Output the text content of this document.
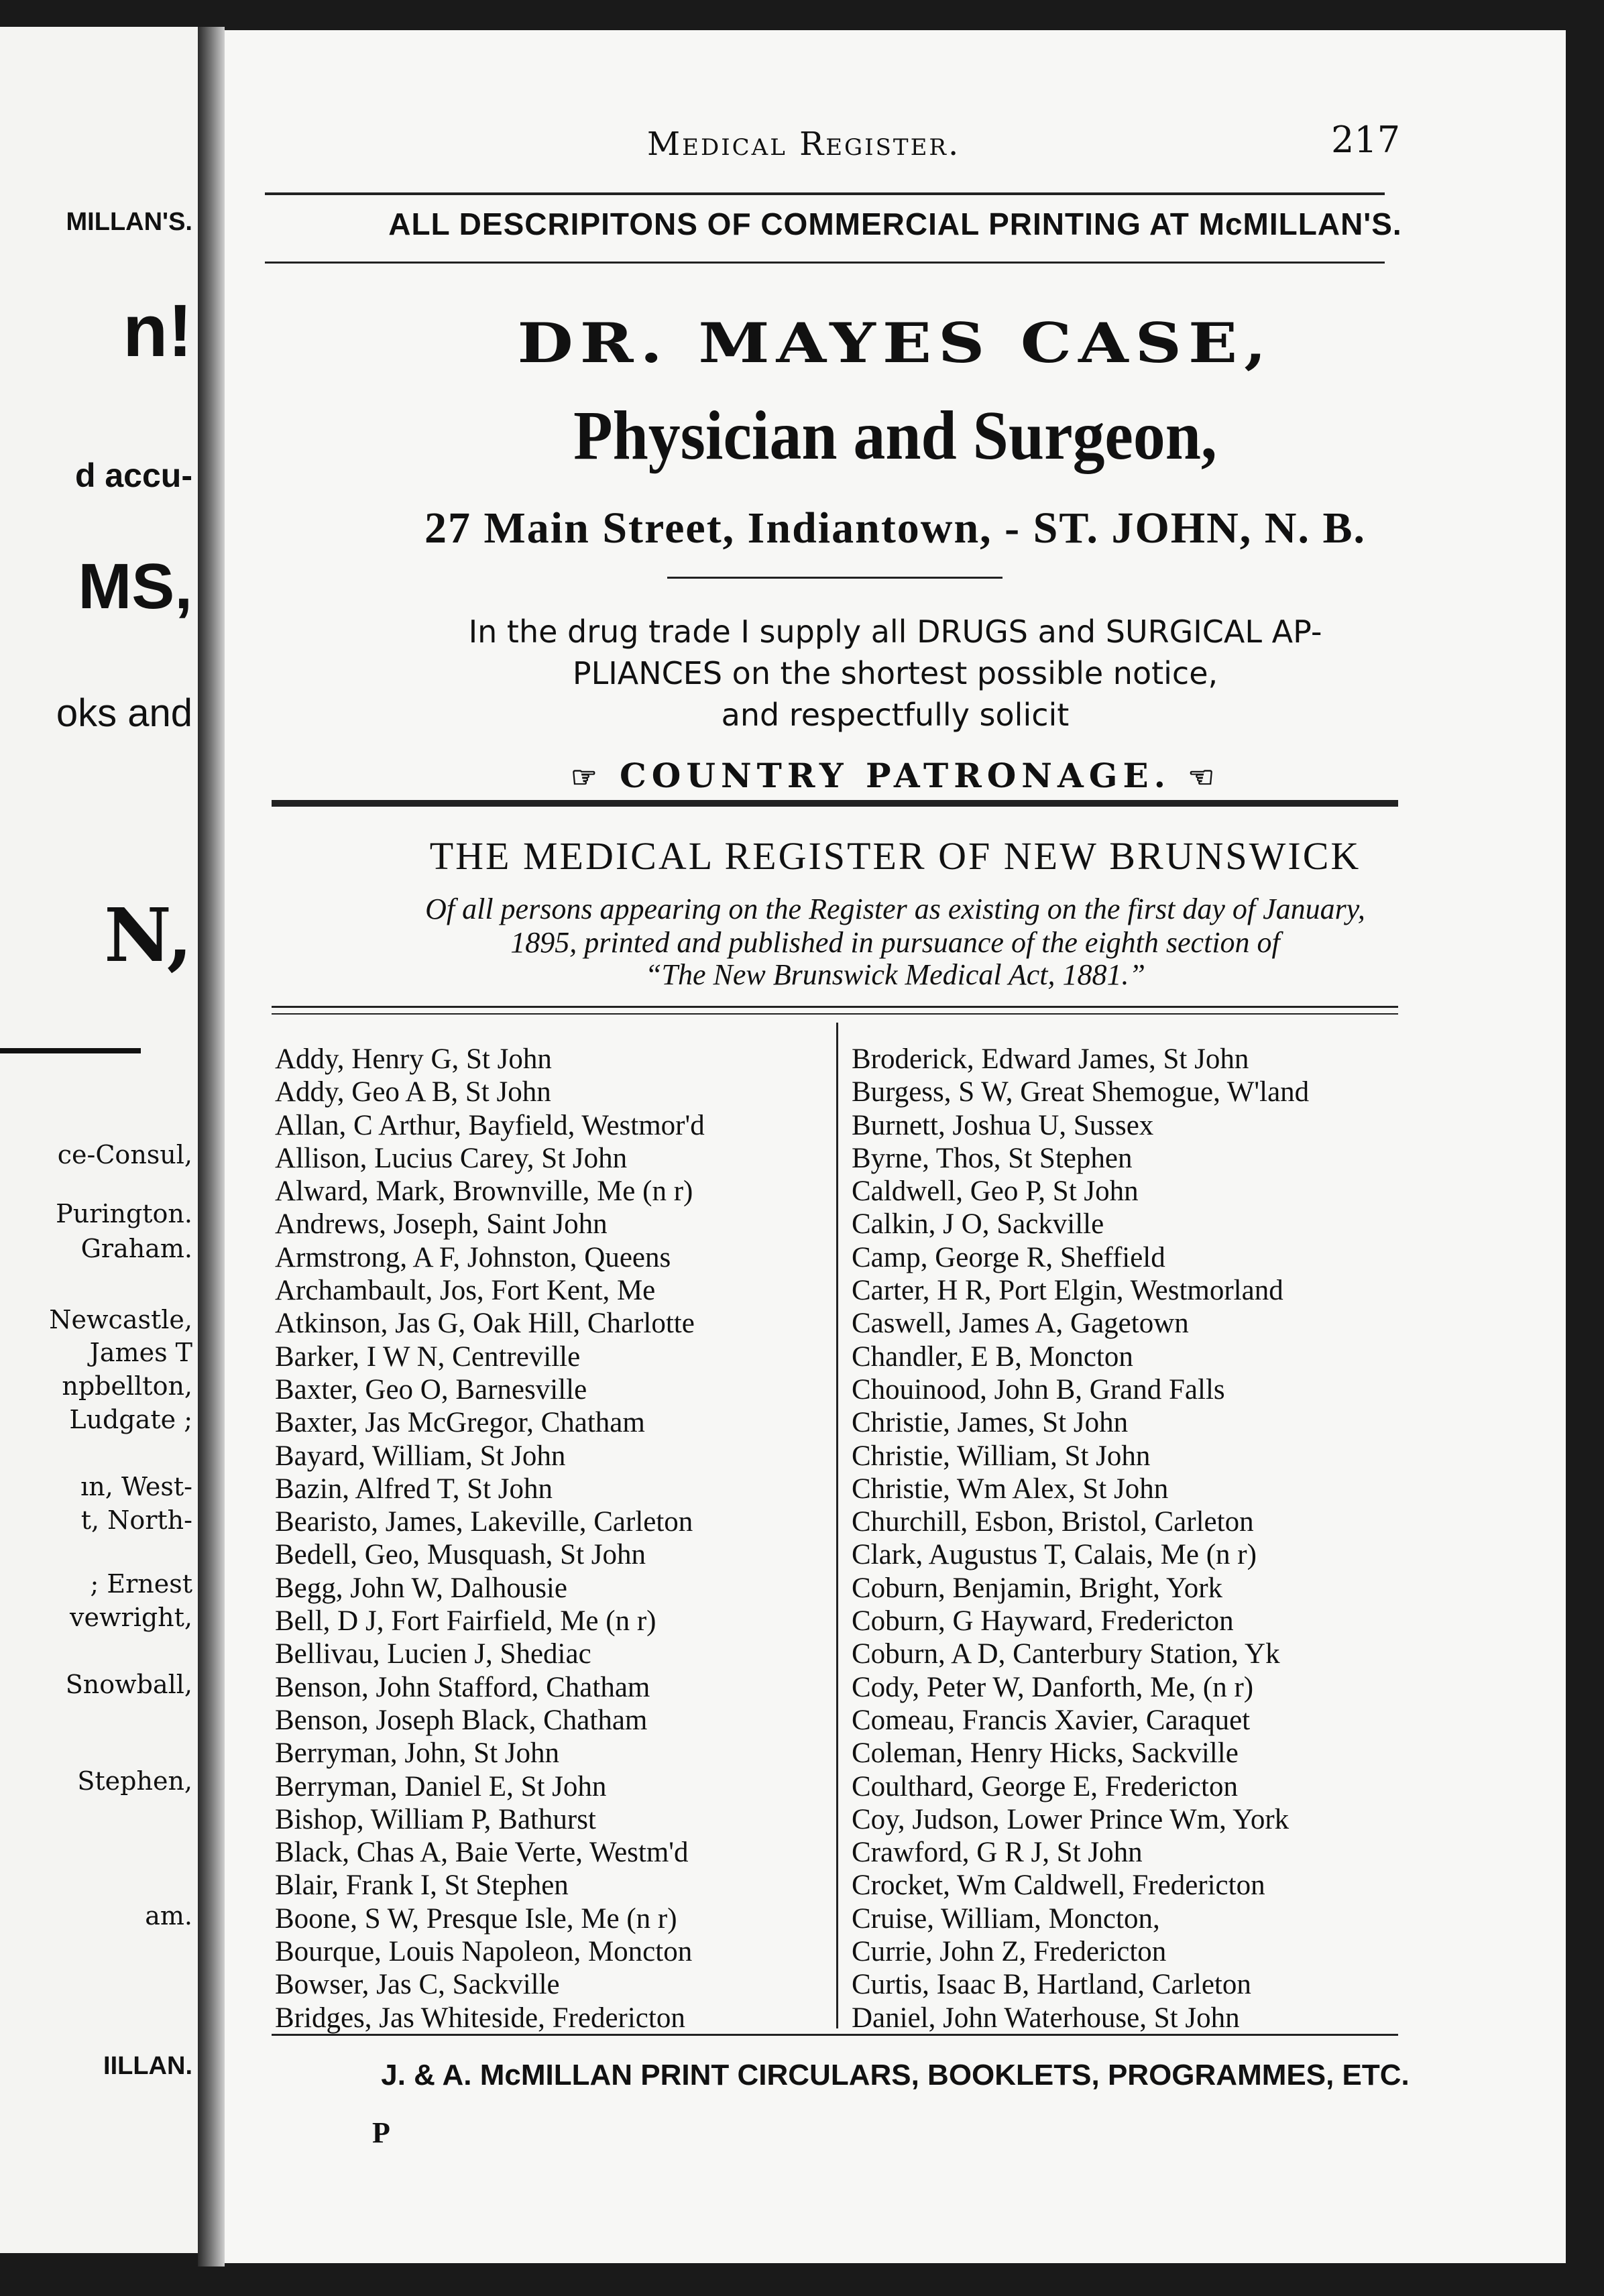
MILLAN'S.
n!
d accu-
MS,
oks and
N,
ce-Consul,
Purington.
Graham.
Newcastle,
James T
npbellton,
Ludgate ;
ın, West-
t, North-
; Ernest
vewright,
Snowball,
Stephen,
am.
IILLAN.
Medical Register.	217
ALL DESCRIPITONS OF COMMERCIAL PRINTING AT McMILLAN'S.
DR. MAYES CASE,
Physician and Surgeon,
27 Main Street, Indiantown, - ST. JOHN, N. B.
In the drug trade I supply all DRUGS and SURGICAL AP-
PLIANCES on the shortest possible notice,
and respectfully solicit
☞ COUNTRY PATRONAGE. ☜
THE MEDICAL REGISTER OF NEW BRUNSWICK
Of all persons appearing on the Register as existing on the first day of January,
1895, printed and published in pursuance of the eighth section of
“The New Brunswick Medical Act, 1881.”
Addy, Henry G, St John
Addy, Geo A B, St John
Allan, C Arthur, Bayfield, Westmor'd
Allison, Lucius Carey, St John
Alward, Mark, Brownville, Me (n r)
Andrews, Joseph, Saint John
Armstrong, A F, Johnston, Queens
Archambault, Jos, Fort Kent, Me
Atkinson, Jas G, Oak Hill, Charlotte
Barker, I W N, Centreville
Baxter, Geo O, Barnesville
Baxter, Jas McGregor, Chatham
Bayard, William, St John
Bazin, Alfred T, St John
Bearisto, James, Lakeville, Carleton
Bedell, Geo, Musquash, St John
Begg, John W, Dalhousie
Bell, D J, Fort Fairfield, Me (n r)
Bellivau, Lucien J, Shediac
Benson, John Stafford, Chatham
Benson, Joseph Black, Chatham
Berryman, John, St John
Berryman, Daniel E, St John
Bishop, William P, Bathurst
Black, Chas A, Baie Verte, Westm'd
Blair, Frank I, St Stephen
Boone, S W, Presque Isle, Me (n r)
Bourque, Louis Napoleon, Moncton
Bowser, Jas C, Sackville
Bridges, Jas Whiteside, Fredericton
Broderick, Edward James, St John
Burgess, S W, Great Shemogue, W'land
Burnett, Joshua U, Sussex
Byrne, Thos, St Stephen
Caldwell, Geo P, St John
Calkin, J O, Sackville
Camp, George R, Sheffield
Carter, H R, Port Elgin, Westmorland
Caswell, James A, Gagetown
Chandler, E B, Moncton
Chouinood, John B, Grand Falls
Christie, James, St John
Christie, William, St John
Christie, Wm Alex, St John
Churchill, Esbon, Bristol, Carleton
Clark, Augustus T, Calais, Me (n r)
Coburn, Benjamin, Bright, York
Coburn, G Hayward, Fredericton
Coburn, A D, Canterbury Station, Yk
Cody, Peter W, Danforth, Me, (n r)
Comeau, Francis Xavier, Caraquet
Coleman, Henry Hicks, Sackville
Coulthard, George E, Fredericton
Coy, Judson, Lower Prince Wm, York
Crawford, G R J, St John
Crocket, Wm Caldwell, Fredericton
Cruise, William, Moncton,
Currie, John Z, Fredericton
Curtis, Isaac B, Hartland, Carleton
Daniel, John Waterhouse, St John
J. & A. McMILLAN PRINT CIRCULARS, BOOKLETS, PROGRAMMES, ETC.
P
